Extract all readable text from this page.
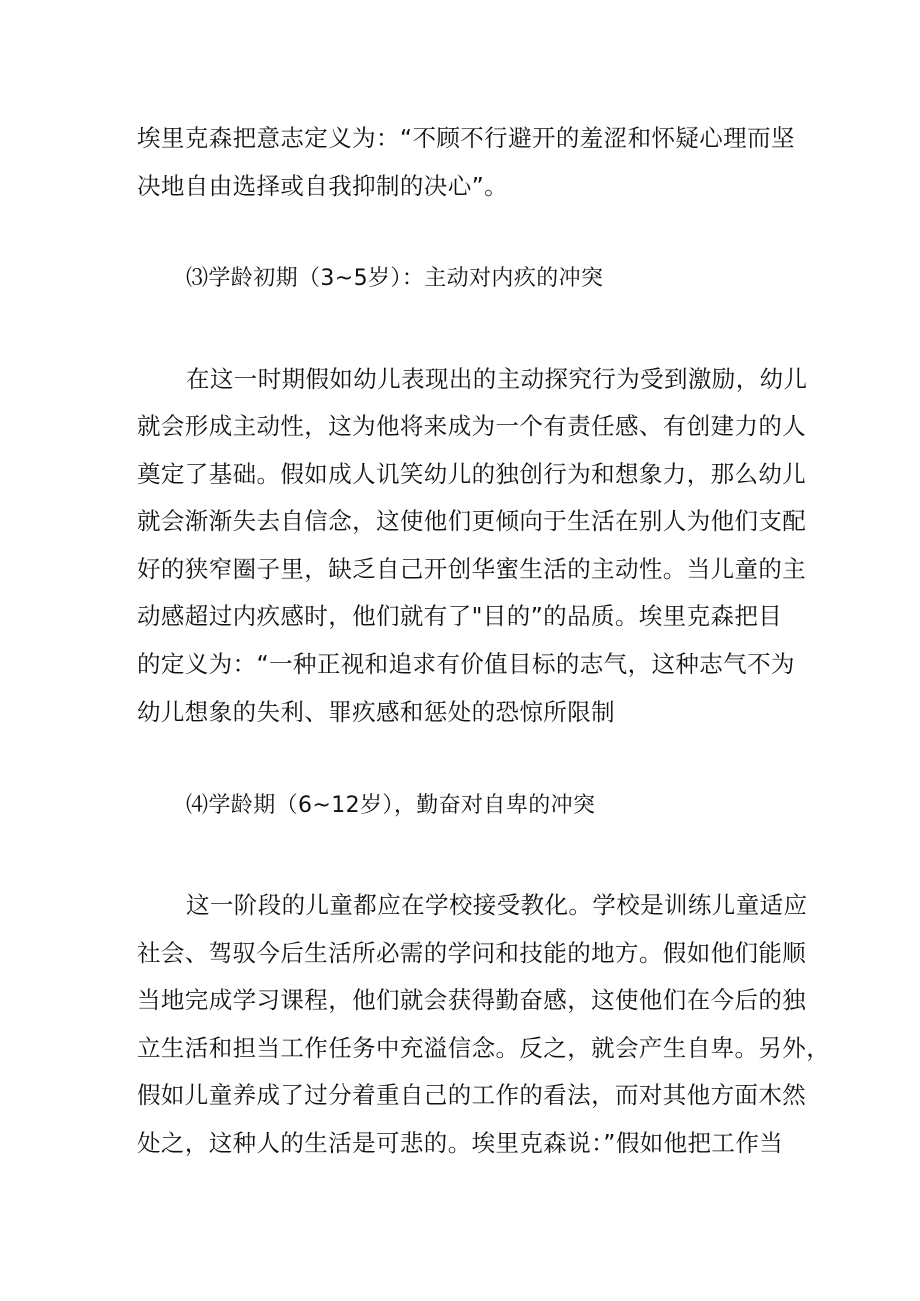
埃里克森把意志定义为：“不顾不行避开的羞涩和怀疑心理而坚
决地自由选择或自我抑制的决心”。
⑶学龄初期（3~5岁）：主动对内疚的冲突
在这一时期假如幼儿表现出的主动探究行为受到激励，幼儿
就会形成主动性，这为他将来成为一个有责任感、有创建力的人
奠定了基础。假如成人讥笑幼儿的独创行为和想象力，那么幼儿
就会渐渐失去自信念，这使他们更倾向于生活在别人为他们支配
好的狭窄圈子里，缺乏自己开创华蜜生活的主动性。当儿童的主
动感超过内疚感时，他们就有了"目的”的品质。埃里克森把目
的定义为：“一种正视和追求有价值目标的志气，这种志气不为
幼儿想象的失利、罪疚感和惩处的恐惊所限制
⑷学龄期（6~12岁），勤奋对自卑的冲突
这一阶段的儿童都应在学校接受教化。学校是训练儿童适应
社会、驾驭今后生活所必需的学问和技能的地方。假如他们能顺
当地完成学习课程，他们就会获得勤奋感，这使他们在今后的独
立生活和担当工作任务中充溢信念。反之，就会产生自卑。另外，
假如儿童养成了过分着重自己的工作的看法，而对其他方面木然
处之，这种人的生活是可悲的。埃里克森说：”假如他把工作当
